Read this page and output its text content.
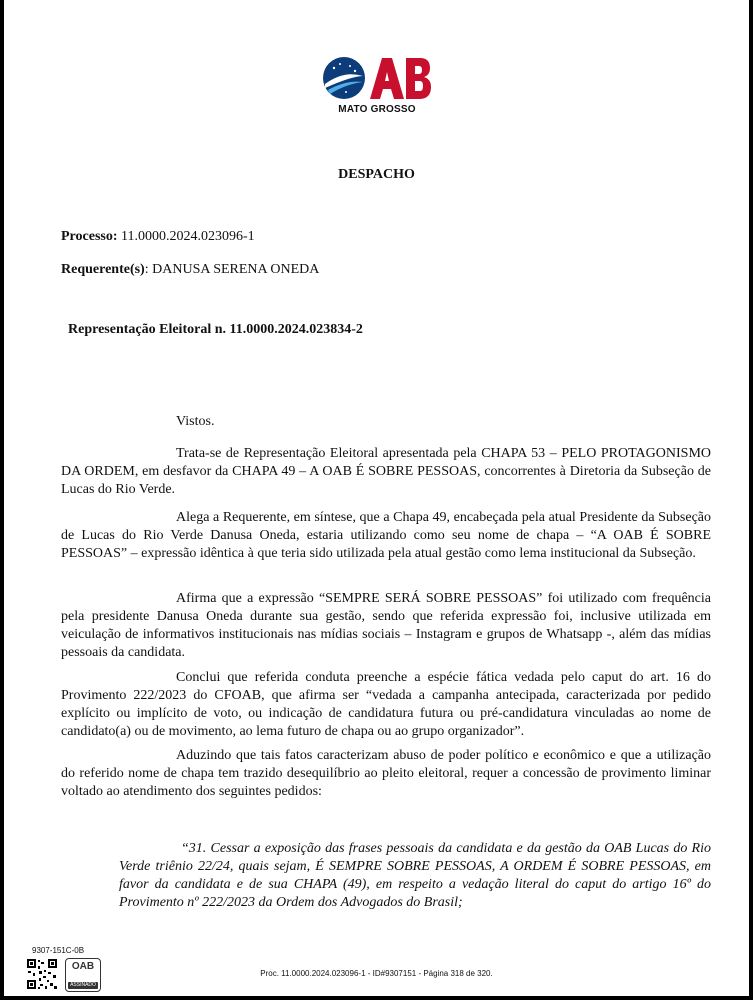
MATO GROSSO
DESPACHO
Processo: 11.0000.2024.023096-1
Requerente(s): DANUSA SERENA ONEDA
Representação Eleitoral n. 11.0000.2024.023834-2
Vistos.

Trata-se de Representação Eleitoral apresentada pela CHAPA 53 – PELO PROTAGONISMO DA ORDEM, em desfavor da CHAPA 49 – A OAB É SOBRE PESSOAS, concorrentes à Diretoria da Subseção de Lucas do Rio Verde.

Alega a Requerente, em síntese, que a Chapa 49, encabeçada pela atual Presidente da Subseção de Lucas do Rio Verde Danusa Oneda, estaria utilizando como seu nome de chapa – “A OAB É SOBRE PESSOAS” – expressão idêntica à que teria sido utilizada pela atual gestão como lema institucional da Subseção.

Afirma que a expressão “SEMPRE SERÁ SOBRE PESSOAS” foi utilizado com frequência pela presidente Danusa Oneda durante sua gestão, sendo que referida expressão foi, inclusive utilizada em veiculação de informativos institucionais nas mídias sociais – Instagram e grupos de Whatsapp -, além das mídias pessoais da candidata.

Conclui que referida conduta preenche a espécie fática vedada pelo caput do art. 16 do Provimento 222/2023 do CFOAB, que afirma ser “vedada a campanha antecipada, caracterizada por pedido explícito ou implícito de voto, ou indicação de candidatura futura ou pré-candidatura vinculadas ao nome de candidato(a) ou de movimento, ao lema futuro de chapa ou ao grupo organizador”.

Aduzindo que tais fatos caracterizam abuso de poder político e econômico e que a utilização do referido nome de chapa tem trazido desequilíbrio ao pleito eleitoral, requer a concessão de provimento liminar voltado ao atendimento dos seguintes pedidos:

“31. Cessar a exposição das frases pessoais da candidata e da gestão da OAB Lucas do Rio Verde triênio 22/24, quais sejam, É SEMPRE SOBRE PESSOAS, A ORDEM É SOBRE PESSOAS, em favor da candidata e de sua CHAPA (49), em respeito a vedação literal do caput do artigo 16º do Provimento nº 222/2023 da Ordem dos Advogados do Brasil;

9307-151C-0B
OAB
ASSINADO
Proc. 11.0000.2024.023096-1 - ID#9307151 - Página 318 de 320.
